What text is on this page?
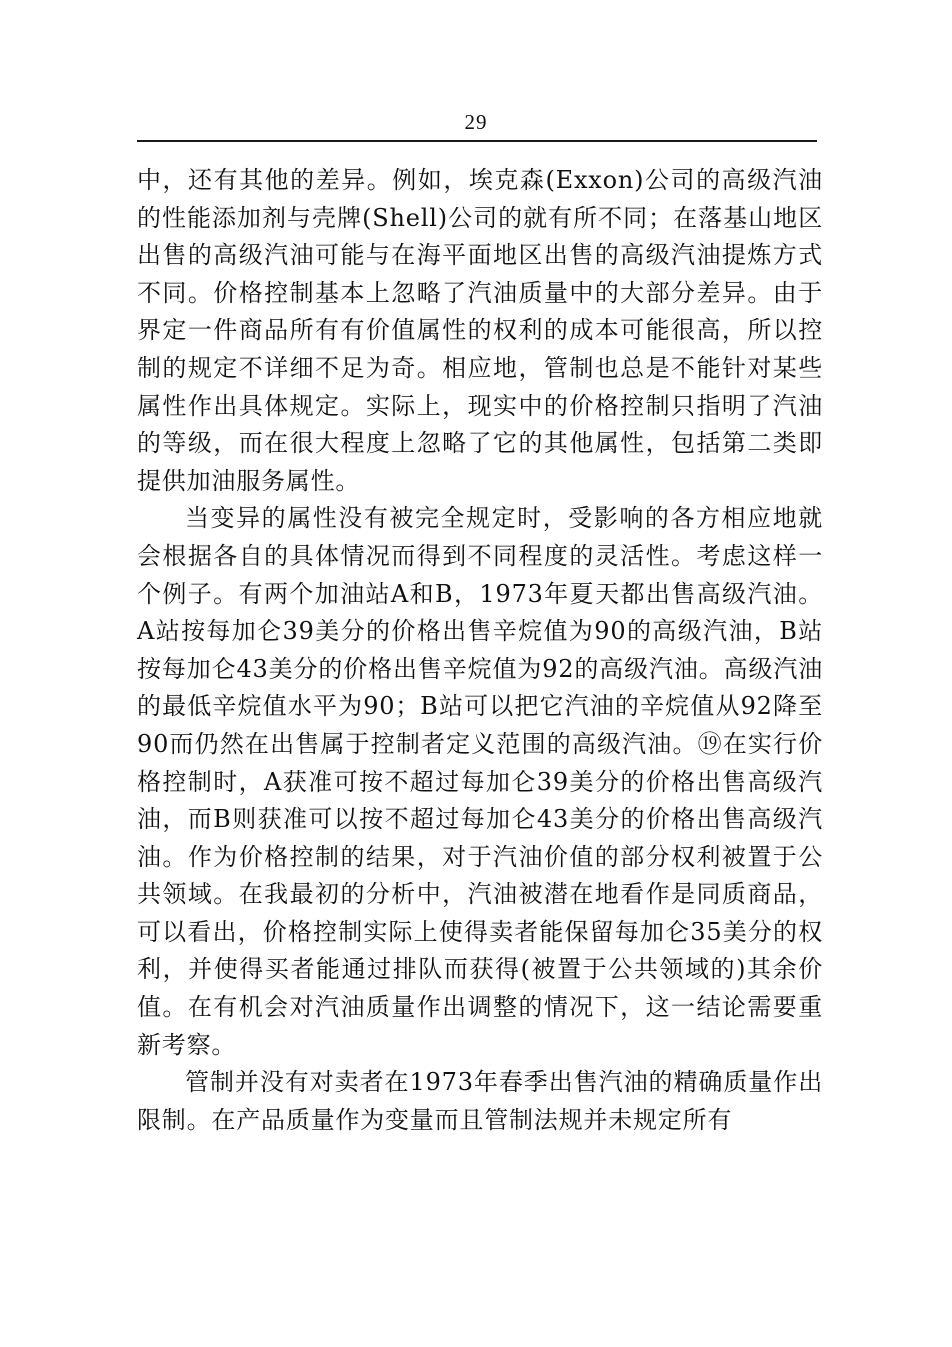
29

中，还有其他的差异。例如，埃克森(Exxon)公司的高级汽油的性能添加剂与壳牌(Shell)公司的就有所不同；在落基山地区出售的高级汽油可能与在海平面地区出售的高级汽油提炼方式不同。价格控制基本上忽略了汽油质量中的大部分差异。由于界定一件商品所有有价值属性的权利的成本可能很高，所以控制的规定不详细不足为奇。相应地，管制也总是不能针对某些属性作出具体规定。实际上，现实中的价格控制只指明了汽油的等级，而在很大程度上忽略了它的其他属性，包括第二类即提供加油服务属性。

当变异的属性没有被完全规定时，受影响的各方相应地就会根据各自的具体情况而得到不同程度的灵活性。考虑这样一个例子。有两个加油站A和B，1973年夏天都出售高级汽油。A站按每加仑39美分的价格出售辛烷值为90的高级汽油，B站按每加仑43美分的价格出售辛烷值为92的高级汽油。高级汽油的最低辛烷值水平为90；B站可以把它汽油的辛烷值从92降至90而仍然在出售属于控制者定义范围的高级汽油。⑲在实行价格控制时，A获准可按不超过每加仑39美分的价格出售高级汽油，而B则获准可以按不超过每加仑43美分的价格出售高级汽油。作为价格控制的结果，对于汽油价值的部分权利被置于公共领域。在我最初的分析中，汽油被潜在地看作是同质商品，可以看出，价格控制实际上使得卖者能保留每加仑35美分的权利，并使得买者能通过排队而获得(被置于公共领域的)其余价值。在有机会对汽油质量作出调整的情况下，这一结论需要重新考察。

管制并没有对卖者在1973年春季出售汽油的精确质量作出限制。在产品质量作为变量而且管制法规并未规定所有
